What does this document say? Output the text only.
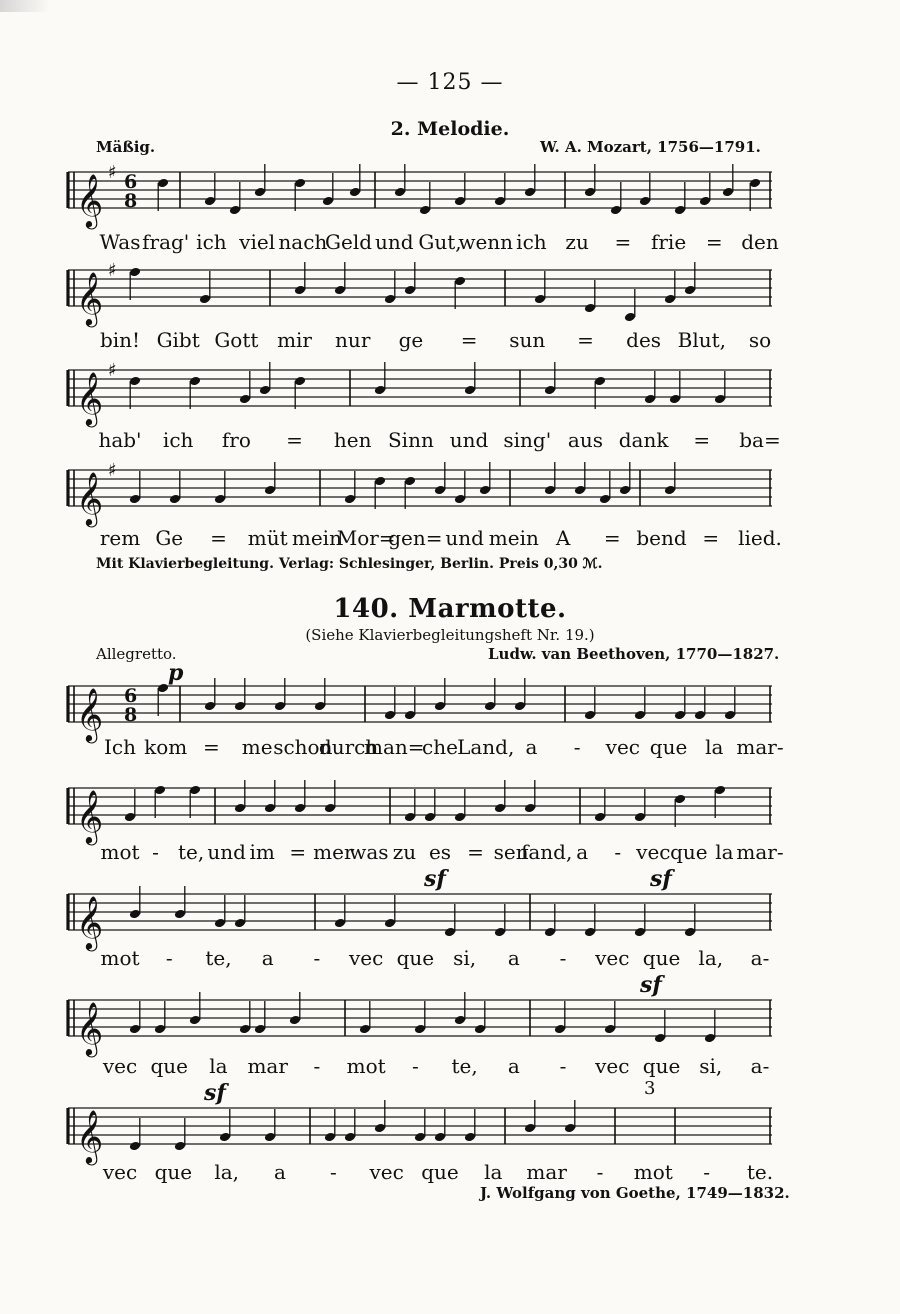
— 125 —
2. Melodie.
Mäßig.	W. A. Mozart, 1756—1791.
𝄞
♯ 6
8
Was frag' ich viel nach
Geld und Gut,
wenn ich zu = frie = den
𝄞
♯
bin! Gibt Gott mir nur ge = sun = des Blut, so
𝄞
♯
hab' ich fro = hen Sinn und sing' aus dank = ba=
𝄞
♯
rem Ge = müt mein
Mor=
gen= und mein A = bend = lied.
Mit Klavierbegleitung. Verlag: Schlesinger, Berlin. Preis 0,30 ℳ.
140. Marmotte.
(Siehe Klavierbegleitungsheft Nr. 19.)
Allegretto.	Ludw. van Beethoven, 1770—1827.
p
𝄞 6
8
Ich kom = me schon
durch
man=
che Land, a - vec que la mar-
𝄞
mot - te, und im = mer
was zu es = sen
fand, a - vec que la mar-
sf	sf
𝄞
mot - te, a - vec que si, a - vec que la, a-
sf
𝄞
vec que la mar - mot - te, a - vec que si, a-
sf	3
𝄞
vec que la, a - vec que la mar - mot - te.
J. Wolfgang von Goethe, 1749—1832.
